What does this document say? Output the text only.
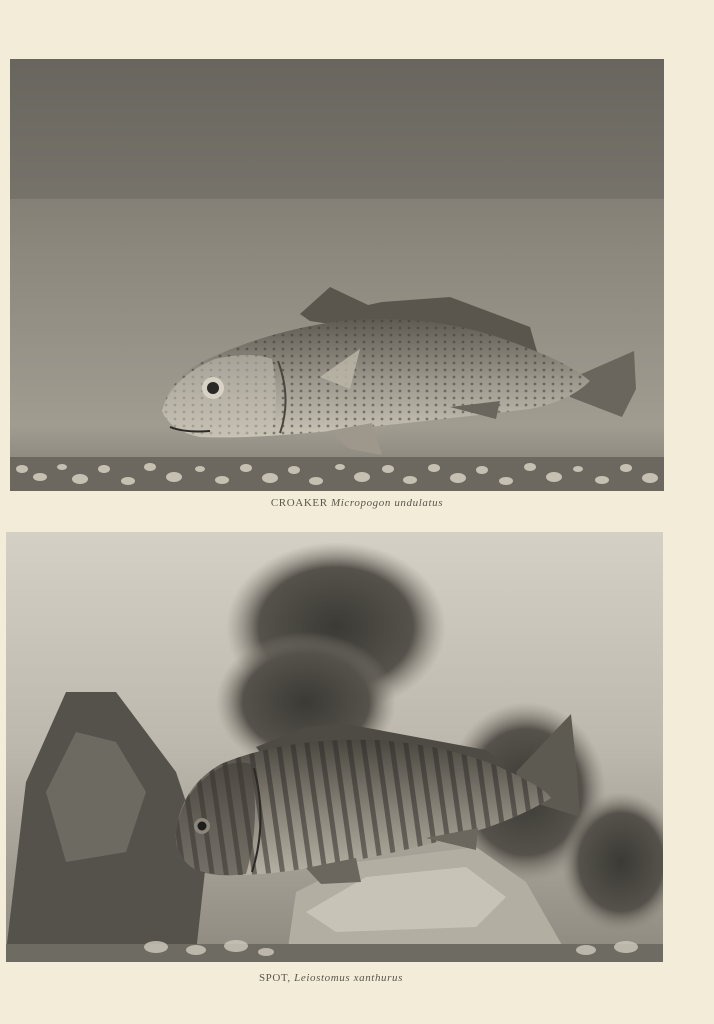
CROAKER Micropogon undulatus
SPOT, Leiostomus xanthurus
